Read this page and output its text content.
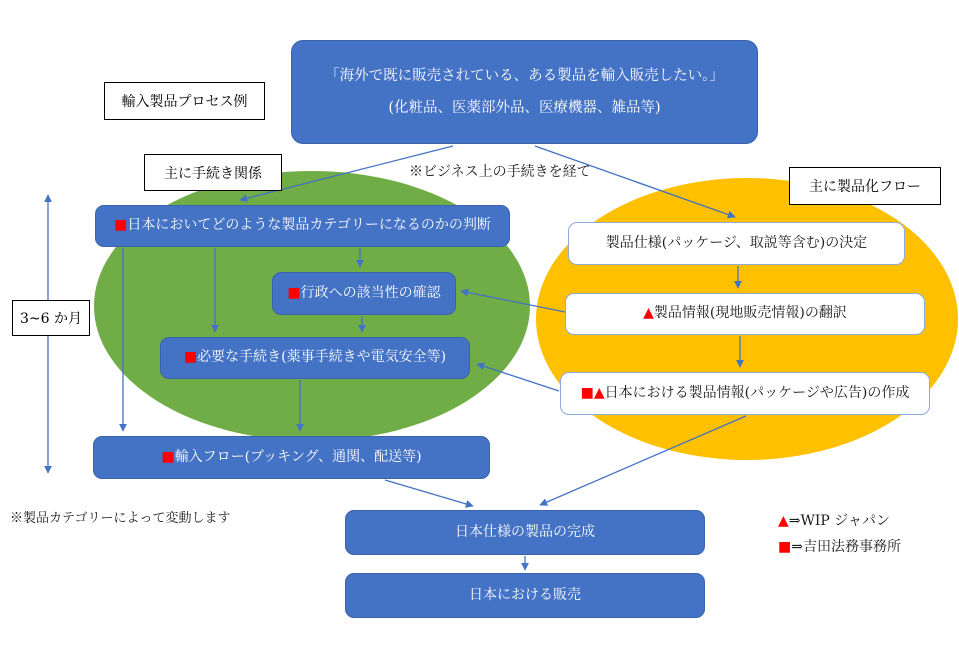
「海外で既に販売されている、ある製品を輸入販売したい。」
(化粧品、医薬部外品、医療機器、雑品等)
輸入製品プロセス例
主に手続き関係	※ビジネス上の手続きを経て
主に製品化フロー
■日本においてどのような製品カテゴリーになるのかの判断
■行政への該当性の確認
■必要な手続き(薬事手続きや電気安全等)
■輸入フロー(ブッキング、通関、配送等)
製品仕様(パッケージ、取説等含む)の決定
▲製品情報(現地販売情報)の翻訳
■▲日本における製品情報(パッケージや広告)の作成
日本仕様の製品の完成
日本における販売
3~6 か月
※製品カテゴリーによって変動します	▲⇒WIP ジャパン
■⇒吉田法務事務所
